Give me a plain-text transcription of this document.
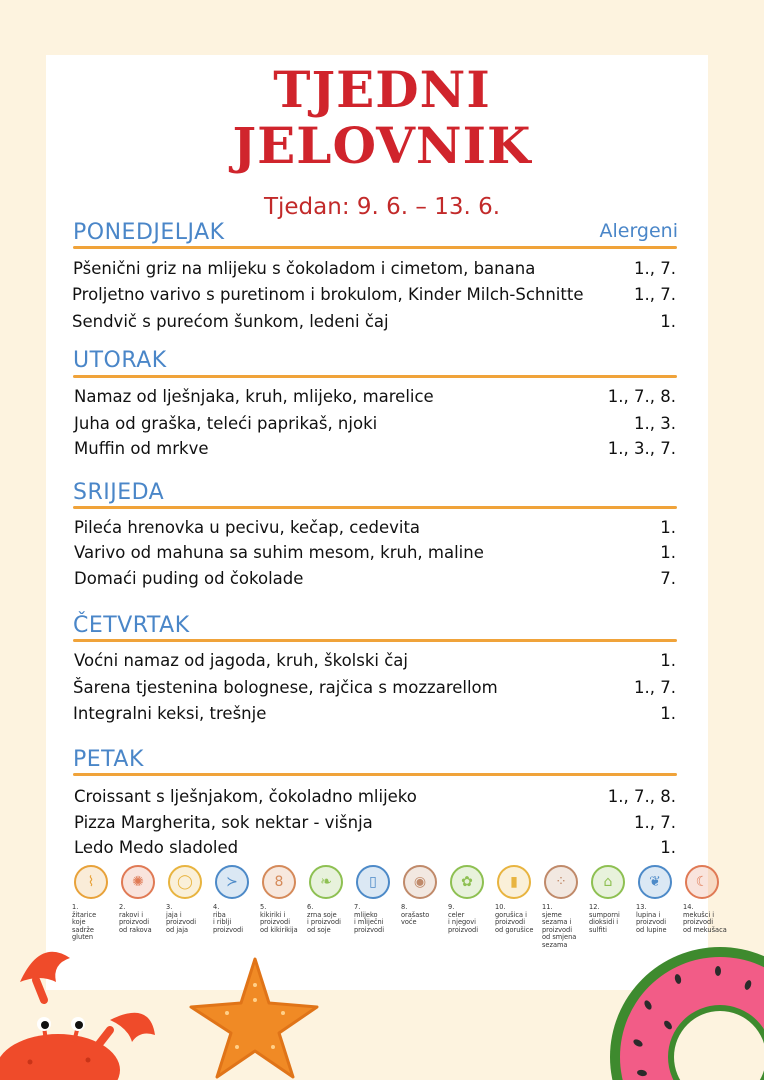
TJEDNI
JELOVNIK
Tjedan: 9. 6. – 13. 6.
Alergeni
PONEDJELJAK
Pšenični griz na mlijeku s čokoladom i cimetom, banana	1., 7.
Proljetno varivo s puretinom i brokulom, Kinder Milch-Schnitte	1., 7.
Sendvič s purećom šunkom, ledeni čaj	1.
UTORAK
Namaz od lješnjaka, kruh, mlijeko, marelice	1., 7., 8.
Juha od graška, teleći paprikaš, njoki	1., 3.
Muffin od mrkve	1., 3., 7.
SRIJEDA
Pileća hrenovka u pecivu, kečap, cedevita	1.
Varivo od mahuna sa suhim mesom, kruh, maline	1.
Domaći puding od čokolade	7.
ČETVRTAK
Voćni namaz od jagoda, kruh, školski čaj	1.
Šarena tjestenina bolognese, rajčica s mozzarellom	1., 7.
Integralni keksi, trešnje	1.
PETAK
Croissant s lješnjakom, čokoladno mlijeko	1., 7., 8.
Pizza Margherita, sok nektar - višnja	1., 7.
Ledo Medo sladoled	1.
⌇
1.
žitarice
koje
sadrže
gluten
✺
2.
rakovi i
proizvodi
od rakova
◯
3.
jaja i
proizvodi
od jaja
≻
4.
riba
i riblji
proizvodi
8
5.
kikiriki i
proizvodi
od kikirikija
❧
6.
zrna soje
i proizvodi
od soje
▯
7.
mlijeko
i mliječni
proizvodi
◉
8.
orašasto
voće
✿
9.
celer
i njegovi
proizvodi
▮
10.
gorušica i
proizvodi
od gorušice
⁘
11.
sjeme
sezama i
proizvodi
od smjena
sezama
⌂
12.
sumporni
dioksidi i
sulfiti
❦
13.
lupina i
proizvodi
od lupine
☾
14.
mekušci i
proizvodi
od mekušaca
